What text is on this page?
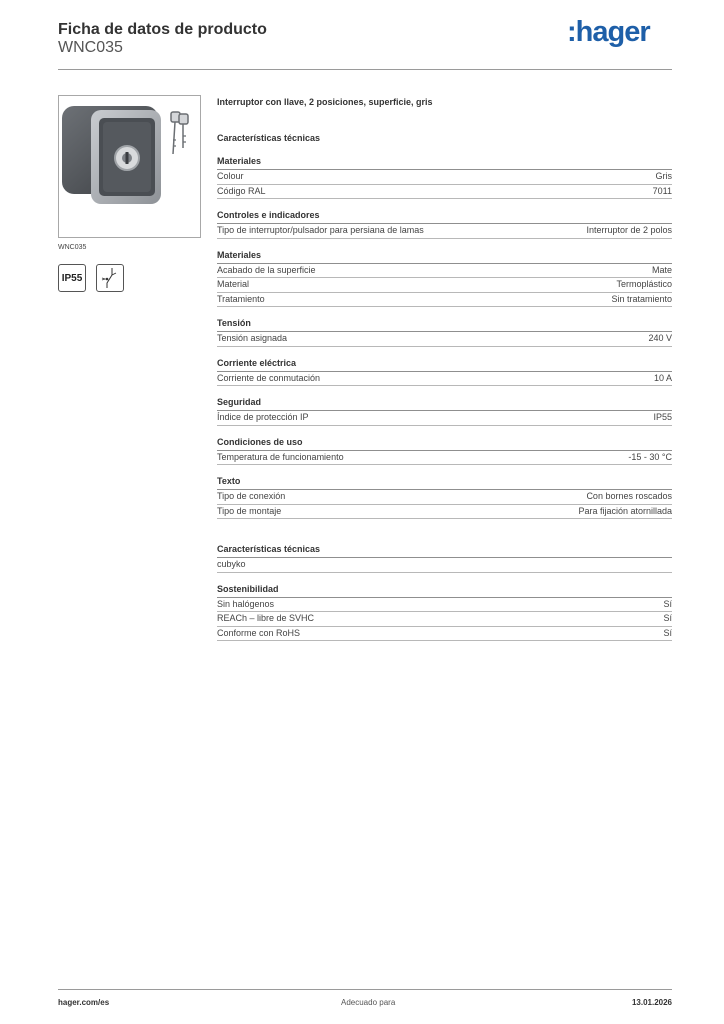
Ficha de datos de producto
WNC035	:hager
WNC035
IP55
Interruptor con llave, 2 posiciones, superficie, gris
Características técnicas
Materiales
Colour	Gris
Código RAL	7011
Controles e indicadores
Tipo de interruptor/pulsador para persiana de lamas	Interruptor de 2 polos
Materiales
Acabado de la superficie	Mate
Material	Termoplástico
Tratamiento	Sin tratamiento
Tensión
Tensión asignada	240 V
Corriente eléctrica
Corriente de conmutación	10 A
Seguridad
Índice de protección IP	IP55
Condiciones de uso
Temperatura de funcionamiento	-15 - 30 °C
Texto
Tipo de conexión	Con bornes roscados
Tipo de montaje	Para fijación atornillada
Características técnicas
cubyko
Sostenibilidad
Sin halógenos	Sí
REACh – libre de SVHC	Sí
Conforme con RoHS	Sí
hager.com/es	Adecuado para	13.01.2026
